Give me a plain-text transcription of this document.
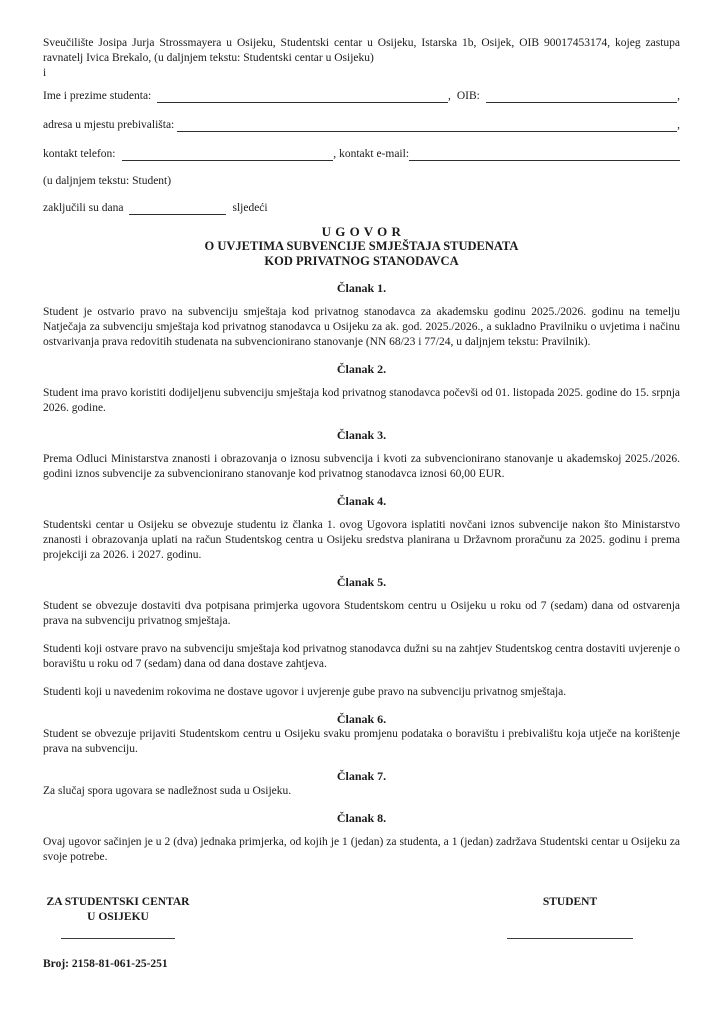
Sveučilište Josipa Jurja Strossmayera u Osijeku, Studentski centar u Osijeku, Istarska 1b, Osijek, OIB 90017453174, kojeg zastupa ravnatelj Ivica Brekalo, (u daljnjem tekstu: Studentski centar u Osijeku)
i
Ime i prezime studenta:	, OIB:	,
adresa u mjestu prebivališta:	,
kontakt telefon:	, kontakt e-mail:
(u daljnjem tekstu: Student)
zaključili su dana	sljedeći
U G O V O R
O UVJETIMA SUBVENCIJE SMJEŠTAJA STUDENATA
KOD PRIVATNOG STANODAVCA
Članak 1.

Student je ostvario pravo na subvenciju smještaja kod privatnog stanodavca za akademsku godinu 2025./2026. godinu na temelju Natječaja za subvenciju smještaja kod privatnog stanodavca u Osijeku za ak. god. 2025./2026., a sukladno Pravilniku o uvjetima i načinu ostvarivanja prava redovitih studenata na subvencionirano stanovanje (NN 68/23 i 77/24, u daljnjem tekstu: Pravilnik).

Članak 2.

Student ima pravo koristiti dodijeljenu subvenciju smještaja kod privatnog stanodavca počevši od 01. listopada 2025. godine do 15. srpnja 2026. godine.

Članak 3.

Prema Odluci Ministarstva znanosti i obrazovanja o iznosu subvencija i kvoti za subvencionirano stanovanje u akademskoj 2025./2026. godini iznos subvencije za subvencionirano stanovanje kod privatnog stanodavca iznosi 60,00 EUR.

Članak 4.

Studentski centar u Osijeku se obvezuje studentu iz članka 1. ovog Ugovora isplatiti novčani iznos subvencije nakon što Ministarstvo znanosti i obrazovanja uplati na račun Studentskog centra u Osijeku sredstva planirana u Državnom proračunu za 2025. godinu i prema projekciji za 2026. i 2027. godinu.

Članak 5.

Student se obvezuje dostaviti dva potpisana primjerka ugovora Studentskom centru u Osijeku u roku od 7 (sedam) dana od ostvarenja prava na subvenciju privatnog smještaja.

Studenti koji ostvare pravo na subvenciju smještaja kod privatnog stanodavca dužni su na zahtjev Studentskog centra dostaviti uvjerenje o boravištu u roku od 7 (sedam) dana od dana dostave zahtjeva.

Studenti koji u navedenim rokovima ne dostave ugovor i uvjerenje gube pravo na subvenciju privatnog smještaja.

Članak 6.

Student se obvezuje prijaviti Studentskom centru u Osijeku svaku promjenu podataka o boravištu i prebivalištu koja utječe na korištenje prava na subvenciju.

Članak 7.

Za slučaj spora ugovara se nadležnost suda u Osijeku.

Članak 8.

Ovaj ugovor sačinjen je u 2 (dva) jednaka primjerka, od kojih je 1 (jedan) za studenta, a 1 (jedan) zadržava Studentski centar u Osijeku za svoje potrebe.

ZA STUDENTSKI CENTAR
U OSIJEKU
STUDENT
Broj: 2158-81-061-25-251
